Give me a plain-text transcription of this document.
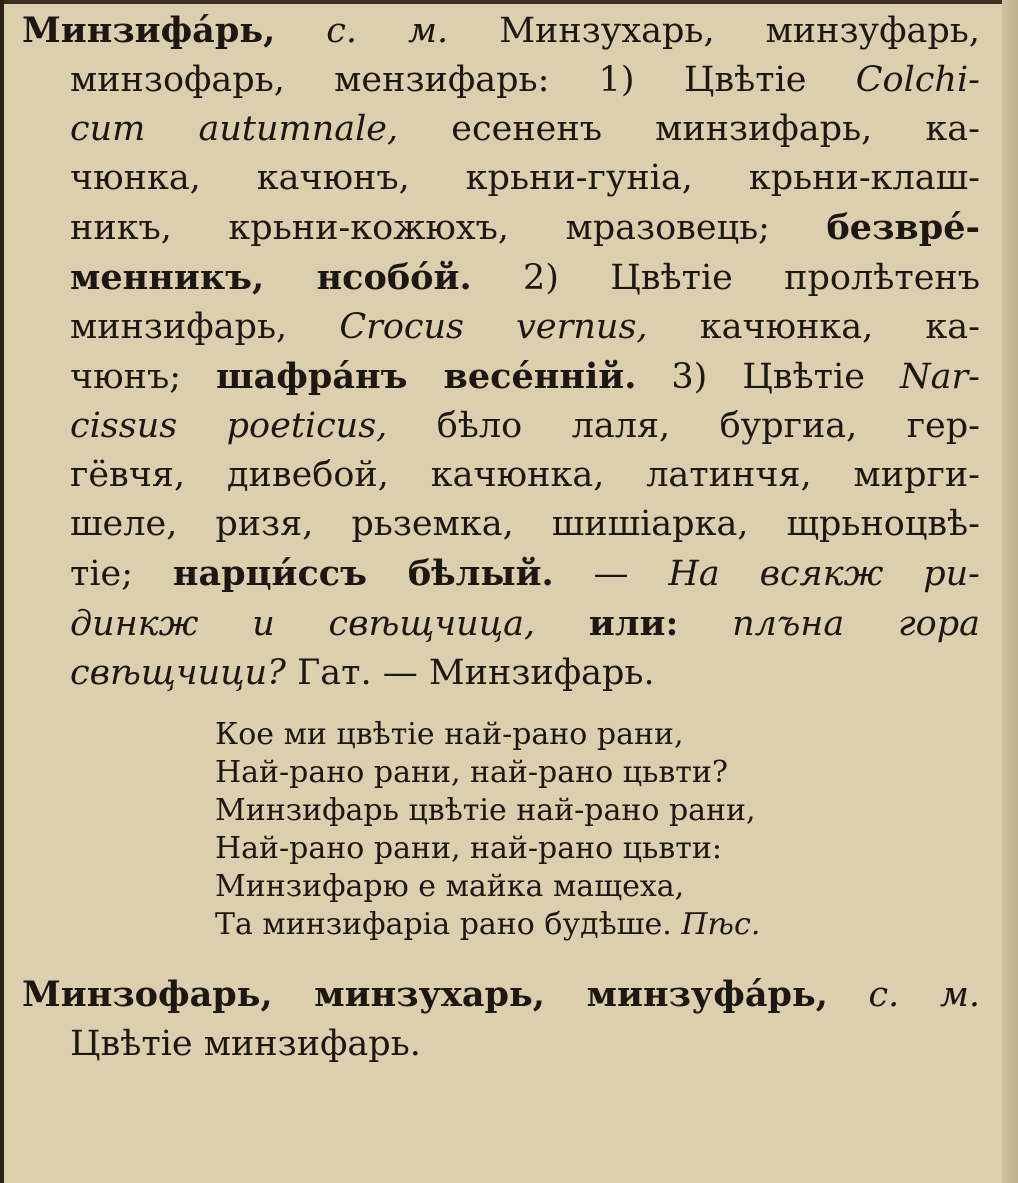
Минзифа́рь, с. м. Минзухарь, минзуфарь,
минзофарь, мензифарь: 1) Цвѣтіе Colchi-
cum autumnale, есененъ минзифарь, ка-
чюнка, качюнъ, крьни-гуніа, крьни-клаш-
никъ, крьни-кожюхъ, мразовець; безвре́-
менникъ, нсобо́й. 2) Цвѣтіе пролѣтенъ
минзифарь, Crocus vernus, качюнка, ка-
чюнъ; шафра́нъ весе́нній. 3) Цвѣтіе Nar-
cissus poeticus, бѣло лаля, бургиа, гер-
гёвчя, дивебой, качюнка, латинчя, мирги-
шеле, ризя, рьземка, шишіарка, щрьноцвѣ-
тіе; нарци́ссъ бѣлый. — На всякж ри-
динкж и свѣщчица, или: плъна гора
свѣщчици? Гат. — Минзифарь.
Кое ми цвѣтіе най-рано рани,
Най-рано рани, най-рано цьвти?
Минзифарь цвѣтіе най-рано рани,
Най-рано рани, най-рано цьвти:
Минзифарю е майка мащеха,
Та минзифаріа рано будѣше. Пѣс.
Минзофарь, минзухарь, минзуфа́рь, с. м.
Цвѣтіе минзифарь.
